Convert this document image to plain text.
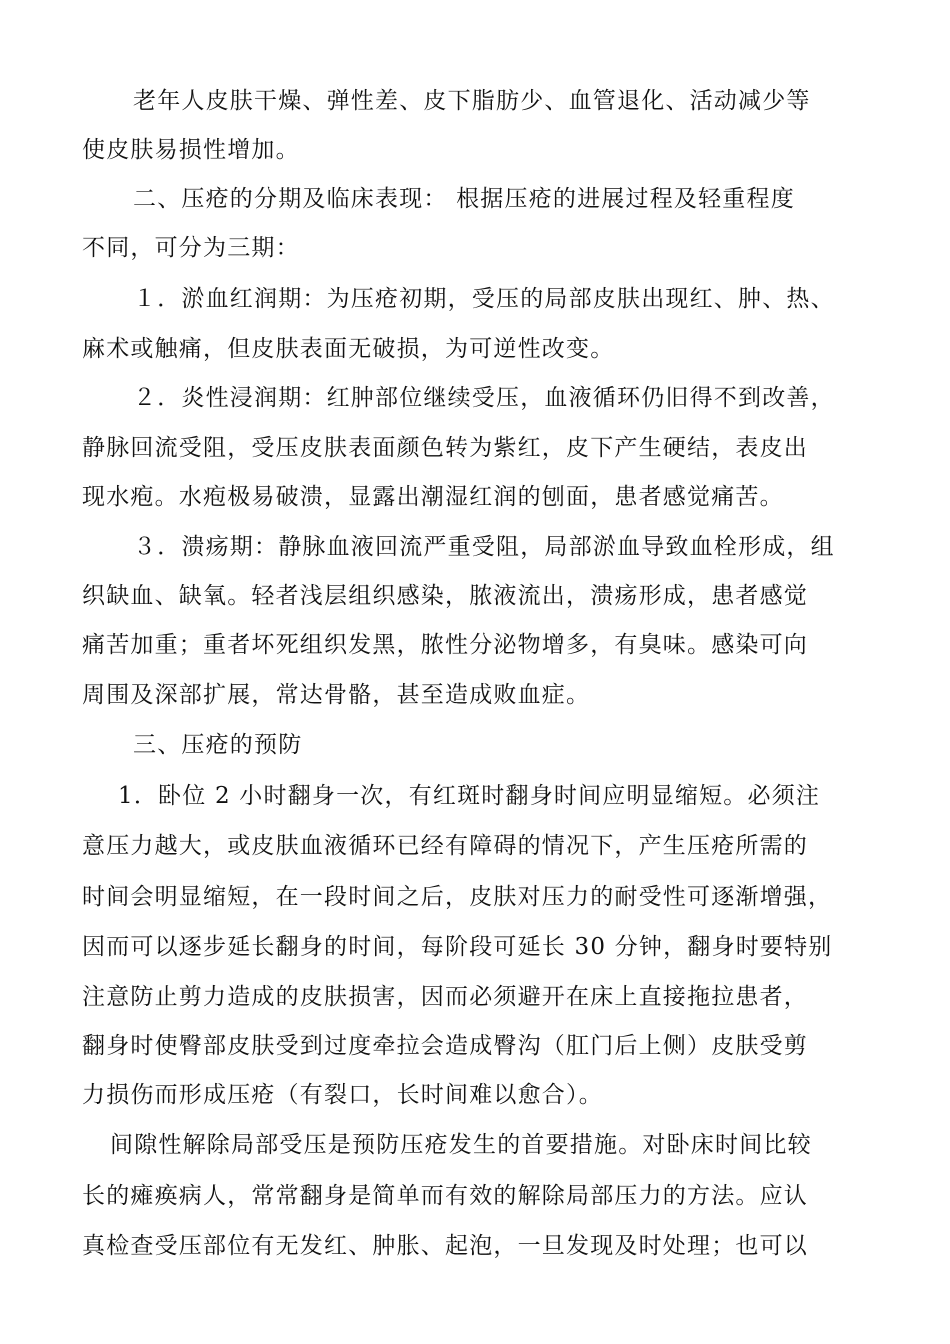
老年人皮肤干燥、弹性差、皮下脂肪少、血管退化、活动减少等
使皮肤易损性增加。
二、压疮的分期及临床表现： 根据压疮的进展过程及轻重程度
不同，可分为三期：
１．淤血红润期：为压疮初期，受压的局部皮肤出现红、肿、热、
麻术或触痛，但皮肤表面无破损，为可逆性改变。
２．炎性浸润期：红肿部位继续受压，血液循环仍旧得不到改善，
静脉回流受阻，受压皮肤表面颜色转为紫红，皮下产生硬结，表皮出
现水疱。水疱极易破溃，显露出潮湿红润的刨面，患者感觉痛苦。
３．溃疡期：静脉血液回流严重受阻，局部淤血导致血栓形成，组
织缺血、缺氧。轻者浅层组织感染，脓液流出，溃疡形成，患者感觉
痛苦加重；重者坏死组织发黑，脓性分泌物增多，有臭味。感染可向
周围及深部扩展，常达骨骼，甚至造成败血症。
三、压疮的预防
1．卧位 2 小时翻身一次，有红斑时翻身时间应明显缩短。必须注
意压力越大，或皮肤血液循环已经有障碍的情况下，产生压疮所需的
时间会明显缩短，在一段时间之后，皮肤对压力的耐受性可逐渐增强，
因而可以逐步延长翻身的时间，每阶段可延长 30 分钟，翻身时要特别
注意防止剪力造成的皮肤损害，因而必须避开在床上直接拖拉患者，
翻身时使臀部皮肤受到过度牵拉会造成臀沟（肛门后上侧）皮肤受剪
力损伤而形成压疮（有裂口，长时间难以愈合）。
间隙性解除局部受压是预防压疮发生的首要措施。对卧床时间比较
长的瘫痪病人，常常翻身是简单而有效的解除局部压力的方法。应认
真检查受压部位有无发红、肿胀、起泡，一旦发现及时处理；也可以
